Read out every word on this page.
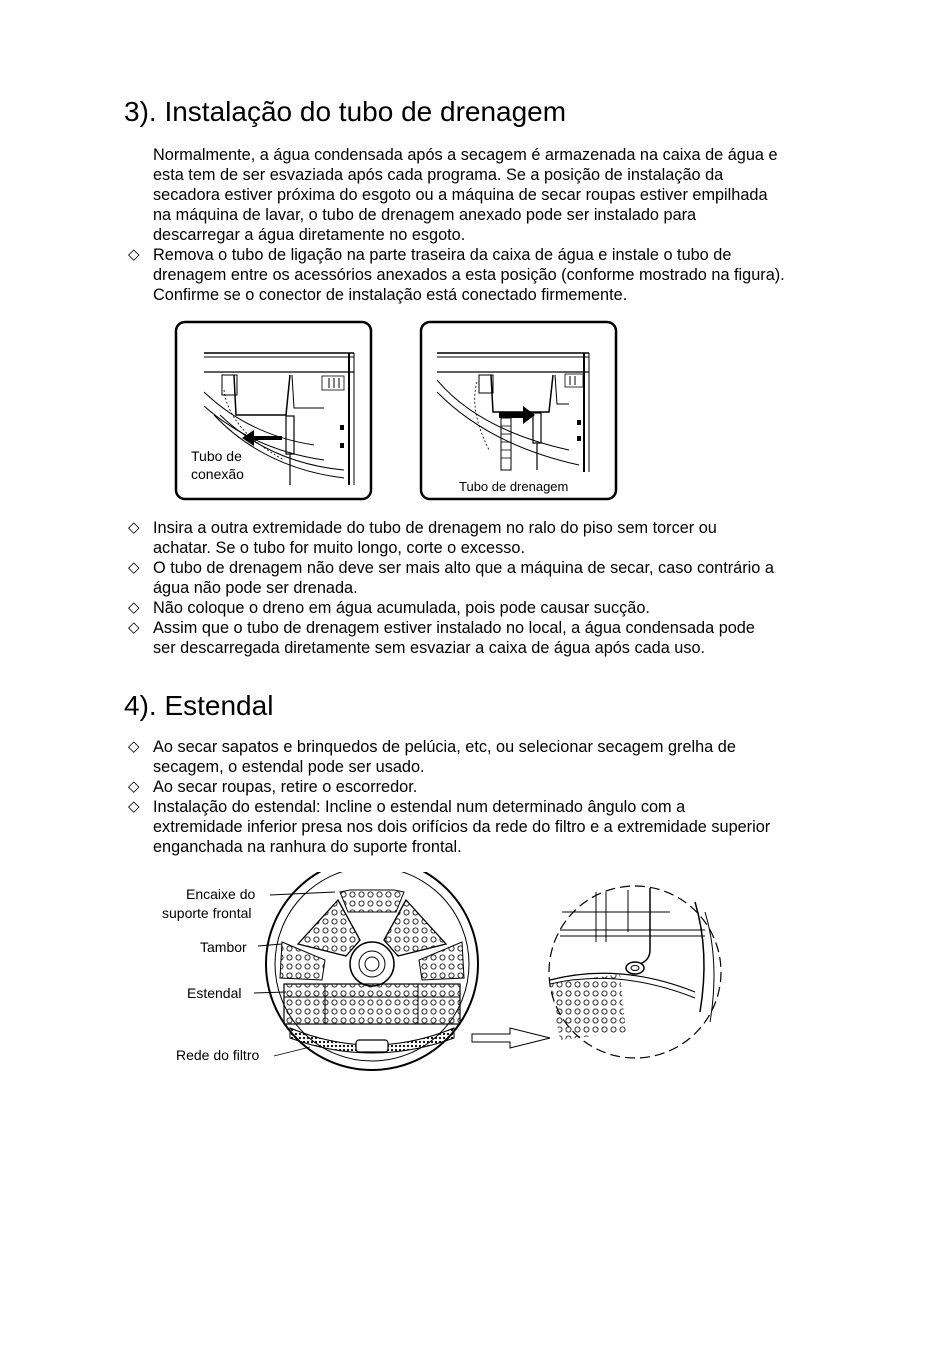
3). Instalação do tubo de drenagem
Normalmente, a água condensada após a secagem é armazenada na caixa de água e
esta tem de ser esvaziada após cada programa. Se a posição de instalação da
secadora estiver próxima do esgoto ou a máquina de secar roupas estiver empilhada
na máquina de lavar, o tubo de drenagem anexado pode ser instalado para
descarregar a água diretamente no esgoto.
◇ Remova o tubo de ligação na parte traseira da caixa de água e instale o tubo de
drenagem entre os acessórios anexados a esta posição (conforme mostrado na figura).
Confirme se o conector de instalação está conectado firmemente.
Tubo de
conexão
Tubo de drenagem
◇ Insira a outra extremidade do tubo de drenagem no ralo do piso sem torcer ou
achatar. Se o tubo for muito longo, corte o excesso.
◇ O tubo de drenagem não deve ser mais alto que a máquina de secar, caso contrário a
água não pode ser drenada.
◇ Não coloque o dreno em água acumulada, pois pode causar sucção.
◇ Assim que o tubo de drenagem estiver instalado no local, a água condensada pode
ser descarregada diretamente sem esvaziar a caixa de água após cada uso.
4). Estendal
◇ Ao secar sapatos e brinquedos de pelúcia, etc, ou selecionar secagem grelha de
secagem, o estendal pode ser usado.
◇ Ao secar roupas, retire o escorredor.
◇ Instalação do estendal: Incline o estendal num determinado ângulo com a
extremidade inferior presa nos dois orifícios da rede do filtro e a extremidade superior
enganchada na ranhura do suporte frontal.
Encaixe do
suporte frontal
Tambor
Estendal
Rede do filtro
